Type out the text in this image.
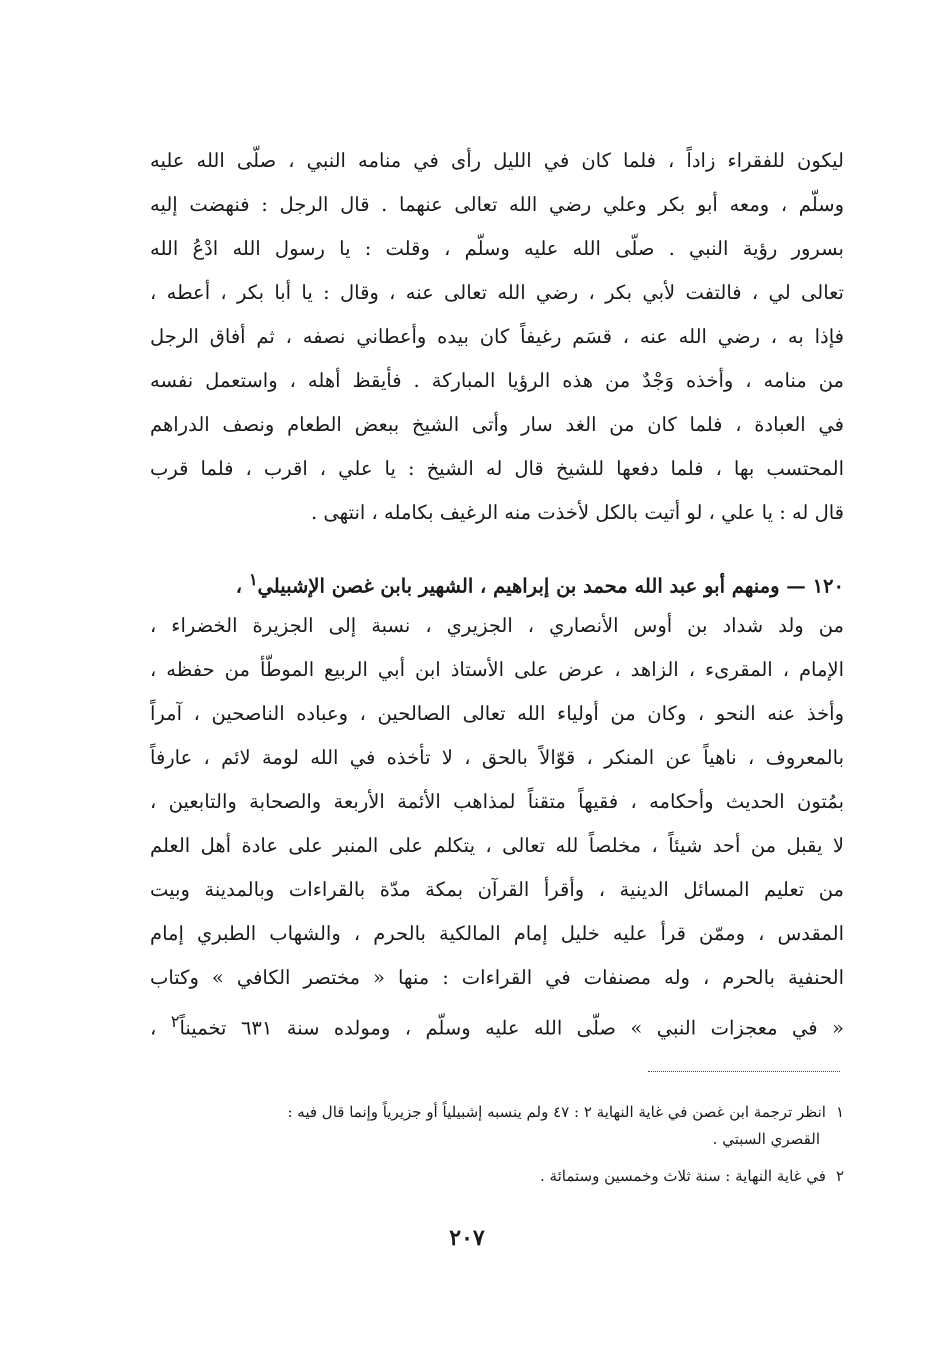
ليكون للفقراء زاداً ، فلما كان في الليل رأى في منامه النبي ، صلّى الله عليه
وسلّم ، ومعه أبو بكر وعلي رضي الله تعالى عنهما . قال الرجل : فنهضت إليه
بسرور رؤية النبي . صلّى الله عليه وسلّم ، وقلت : يا رسول الله ادْعُ الله
تعالى لي ، فالتفت لأبي بكر ، رضي الله تعالى عنه ، وقال : يا أبا بكر ، أعطه ،
فإذا به ، رضي الله عنه ، قسَم رغيفاً كان بيده وأعطاني نصفه ، ثم أفاق الرجل
من منامه ، وأخذه وَجْدٌ من هذه الرؤيا المباركة . فأيقظ أهله ، واستعمل نفسه
في العبادة ، فلما كان من الغد سار وأتى الشيخ ببعض الطعام ونصف الدراهم
المحتسب بها ، فلما دفعها للشيخ قال له الشيخ : يا علي ، اقرب ، فلما قرب
قال له : يا علي ، لو أتيت بالكل لأخذت منه الرغيف بكامله ، انتهى .
١٢٠ — ومنهم أبو عبد الله محمد بن إبراهيم ، الشهير بابن غصن الإشبيلي$^١$ ،
من ولد شداد بن أوس الأنصاري ، الجزيري ، نسبة إلى الجزيرة الخضراء ،
الإمام ، المقرىء ، الزاهد ، عرض على الأستاذ ابن أبي الربيع الموطّأ من حفظه ،
وأخذ عنه النحو ، وكان من أولياء الله تعالى الصالحين ، وعباده الناصحين ، آمراً
بالمعروف ، ناهياً عن المنكر ، قوّالاً بالحق ، لا تأخذه في الله لومة لائم ، عارفاً
بمُتون الحديث وأحكامه ، فقيهاً متقناً لمذاهب الأئمة الأربعة والصحابة والتابعين ،
لا يقبل من أحد شيئاً ، مخلصاً لله تعالى ، يتكلم على المنبر على عادة أهل العلم
من تعليم المسائل الدينية ، وأقرأ القرآن بمكة مدّة بالقراءات وبالمدينة وبيت
المقدس ، وممّن قرأ عليه خليل إمام المالكية بالحرم ، والشهاب الطبري إمام
الحنفية بالحرم ، وله مصنفات في القراءات : منها « مختصر الكافي » وكتاب
« في معجزات النبي » صلّى الله عليه وسلّم ، ومولده سنة ٦٣١ تخميناً$^٢$ ،
١انظر ترجمة ابن غصن في غاية النهاية ٢ : ٤٧ ولم ينسبه إشبيلياً أو جزيرياً وإنما قال فيه :
القصري السبتي .
٢في غاية النهاية : سنة ثلاث وخمسين وستمائة .
٢٠٧
